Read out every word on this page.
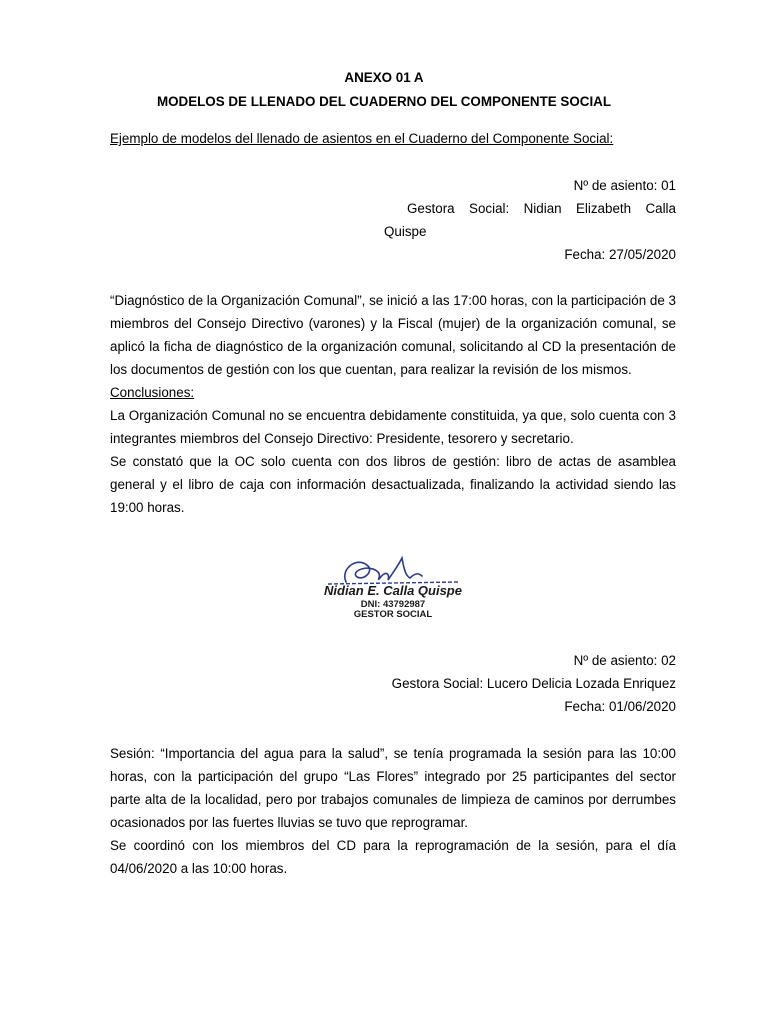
ANEXO 01 A
MODELOS DE LLENADO DEL CUADERNO DEL COMPONENTE SOCIAL
Ejemplo de modelos del llenado de asientos en el Cuaderno del Componente Social:
Nº de asiento: 01
Gestora Social: Nidian Elizabeth Calla
Quispe
Fecha: 27/05/2020

“Diagnóstico de la Organización Comunal”, se inició a las 17:00 horas, con la participación de 3 miembros del Consejo Directivo (varones) y la Fiscal (mujer) de la organización comunal, se aplicó la ficha de diagnóstico de la organización comunal, solicitando al CD la presentación de los documentos de gestión con los que cuentan, para realizar la revisión de los mismos.

Conclusiones:

La Organización Comunal no se encuentra debidamente constituida, ya que, solo cuenta con 3 integrantes miembros del Consejo Directivo: Presidente, tesorero y secretario.

Se constató que la OC solo cuenta con dos libros de gestión: libro de actas de asamblea general y el libro de caja con información desactualizada, finalizando la actividad siendo las 19:00 horas.

Nidian E. Calla Quispe
DNI: 43792987
GESTOR SOCIAL
Nº de asiento: 02
Gestora Social: Lucero Delicia Lozada Enriquez
Fecha: 01/06/2020

Sesión: “Importancia del agua para la salud”, se tenía programada la sesión para las 10:00 horas, con la participación del grupo “Las Flores” integrado por 25 participantes del sector parte alta de la localidad, pero por trabajos comunales de limpieza de caminos por derrumbes ocasionados por las fuertes lluvias se tuvo que reprogramar.

Se coordinó con los miembros del CD para la reprogramación de la sesión, para el día 04/06/2020 a las 10:00 horas.
